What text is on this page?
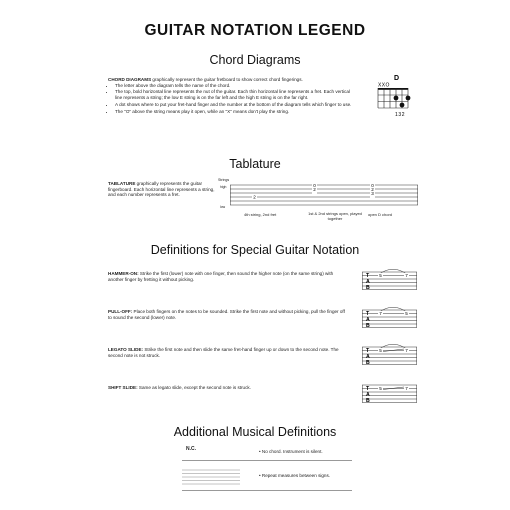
GUITAR NOTATION LEGEND
Chord Diagrams
CHORD DIAGRAMS graphically represent the guitar fretboard to show correct chord fingerings.
• The letter above the diagram tells the name of the chord.
• The top, bold horizontal line represents the nut of the guitar. Each thin horizontal line represents a fret. Each vertical line represents a string; the low E string is on the far left and the high E string is on the far right.
• A dot shows where to put your fret-hand finger and the number at the bottom of the diagram tells which finger to use.
• The "O" above the string means play it open, while an "X" means don't play the string.
D
XXO
132
Tablature
TABLATURE graphically represents the guitar fingerboard. Each horizontal line represents a string, and each number represents a fret.
Strings
high
low
2
0
2
0
2
3
4th string, 2nd fret	1st & 2nd strings open, played together
open D chord
Definitions for Special Guitar Notation
HAMMER-ON: Strike the first (lower) note with one finger, then sound the higher note (on the same string) with another finger by fretting it without picking.
T
A
B
5	7
PULL-OFF: Place both fingers on the notes to be sounded. Strike the first note and without picking, pull the finger off to sound the second (lower) note.
T
A
B
7	5
LEGATO SLIDE: Strike the first note and then slide the same fret-hand finger up or down to the second note. The second note is not struck.
T
A
B
5	7
SHIFT SLIDE: Same as legato slide, except the second note is struck.	T
A
B
5	7
Additional Musical Definitions
N.C.	• No chord. Instrument is silent.
• Repeat measures between signs.
